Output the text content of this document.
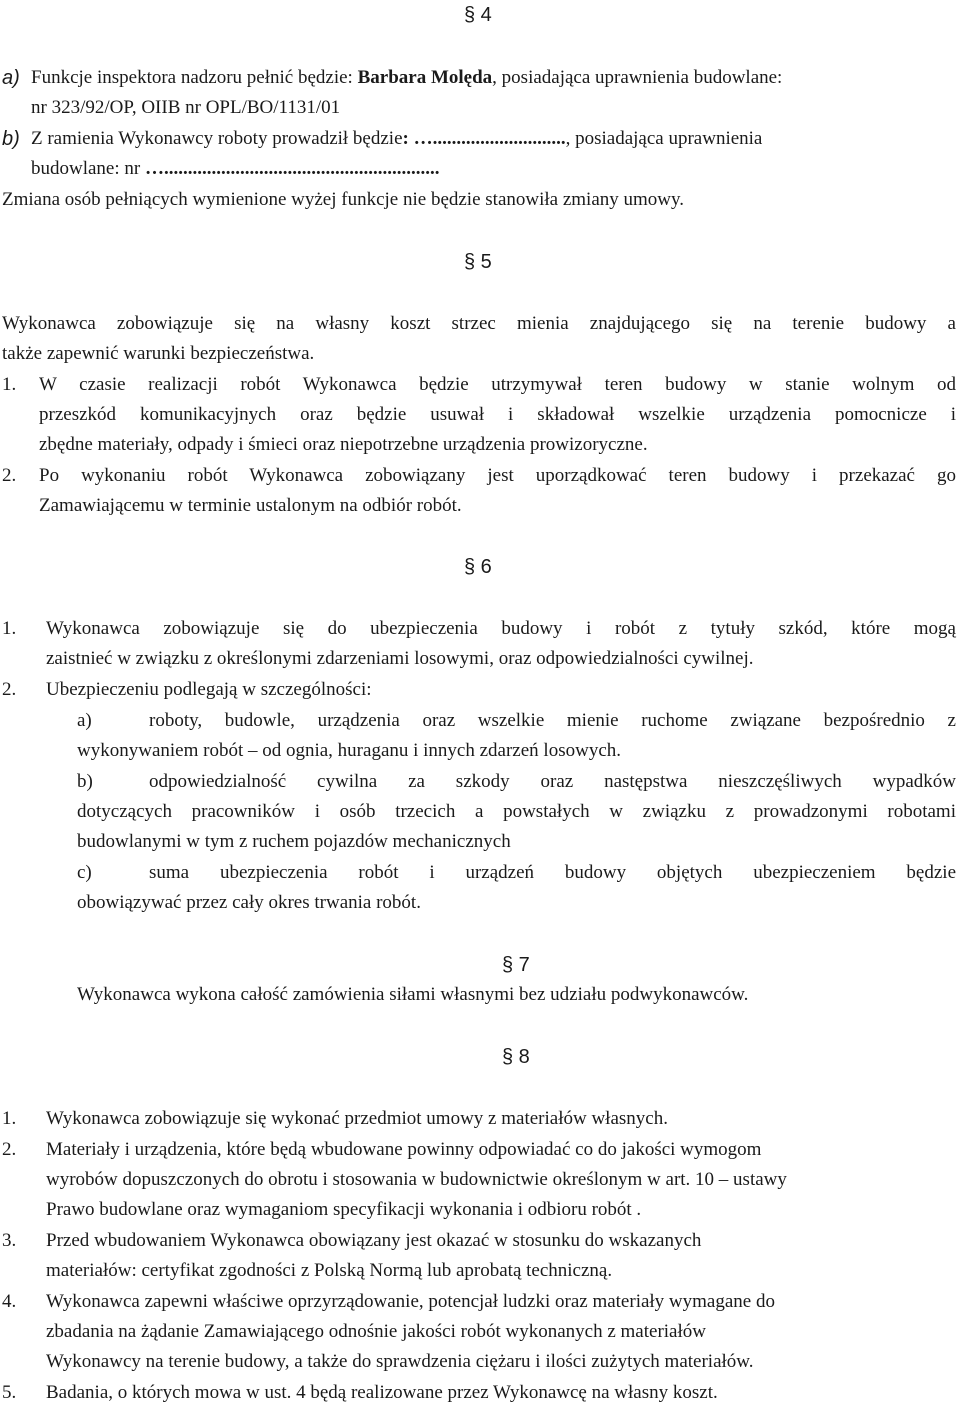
§ 4
a) Funkcje inspektora nadzoru pełnić będzie: Barbara Molęda, posiadająca uprawnienia budowlane:
nr 323/92/OP, OIIB nr OPL/BO/1131/01
b) Z ramienia Wykonawcy roboty prowadził będzie: …............................, posiadająca uprawnienia
budowlane: nr …..........................................................
Zmiana osób pełniących wymienione wyżej funkcje nie będzie stanowiła zmiany umowy.
§ 5
Wykonawca zobowiązuje się na własny koszt strzec mienia znajdującego się na terenie budowy a
także zapewnić warunki bezpieczeństwa.
1. W czasie realizacji robót Wykonawca będzie utrzymywał teren budowy w stanie wolnym od
przeszkód komunikacyjnych oraz będzie usuwał i składował wszelkie urządzenia pomocnicze i
zbędne materiały, odpady i śmieci oraz niepotrzebne urządzenia prowizoryczne.
2. Po wykonaniu robót Wykonawca zobowiązany jest uporządkować teren budowy i przekazać go
Zamawiającemu w terminie ustalonym na odbiór robót.
§ 6
1. Wykonawca zobowiązuje się do ubezpieczenia budowy i robót z tytuły szkód, które mogą
zaistnieć w związku z określonymi zdarzeniami losowymi, oraz odpowiedzialności cywilnej.
2. Ubezpieczeniu podlegają w szczególności:
a)	roboty, budowle, urządzenia oraz wszelkie mienie ruchome związane bezpośrednio z
wykonywaniem robót – od ognia, huraganu i innych zdarzeń losowych.
b)	odpowiedzialność cywilna za szkody oraz następstwa nieszczęśliwych wypadków
dotyczących pracowników i osób trzecich a powstałych w związku z prowadzonymi robotami
budowlanymi w tym z ruchem pojazdów mechanicznych
c)	suma ubezpieczenia robót i urządzeń budowy objętych ubezpieczeniem będzie
obowiązywać przez cały okres trwania robót.
§ 7
Wykonawca wykona całość zamówienia siłami własnymi bez udziału podwykonawców.
§ 8
1. Wykonawca zobowiązuje się wykonać przedmiot umowy z materiałów własnych.
2. Materiały i urządzenia, które będą wbudowane powinny odpowiadać co do jakości wymogom
wyrobów dopuszczonych do obrotu i stosowania w budownictwie określonym w art. 10 – ustawy
Prawo budowlane oraz wymaganiom specyfikacji wykonania i odbioru robót .
3. Przed wbudowaniem Wykonawca obowiązany jest okazać w stosunku do wskazanych
materiałów: certyfikat zgodności z Polską Normą lub aprobatą techniczną.
4. Wykonawca zapewni właściwe oprzyrządowanie, potencjał ludzki oraz materiały wymagane do
zbadania na żądanie Zamawiającego odnośnie jakości robót wykonanych z materiałów
Wykonawcy na terenie budowy, a także do sprawdzenia ciężaru i ilości zużytych materiałów.
5. Badania, o których mowa w ust. 4 będą realizowane przez Wykonawcę na własny koszt.
